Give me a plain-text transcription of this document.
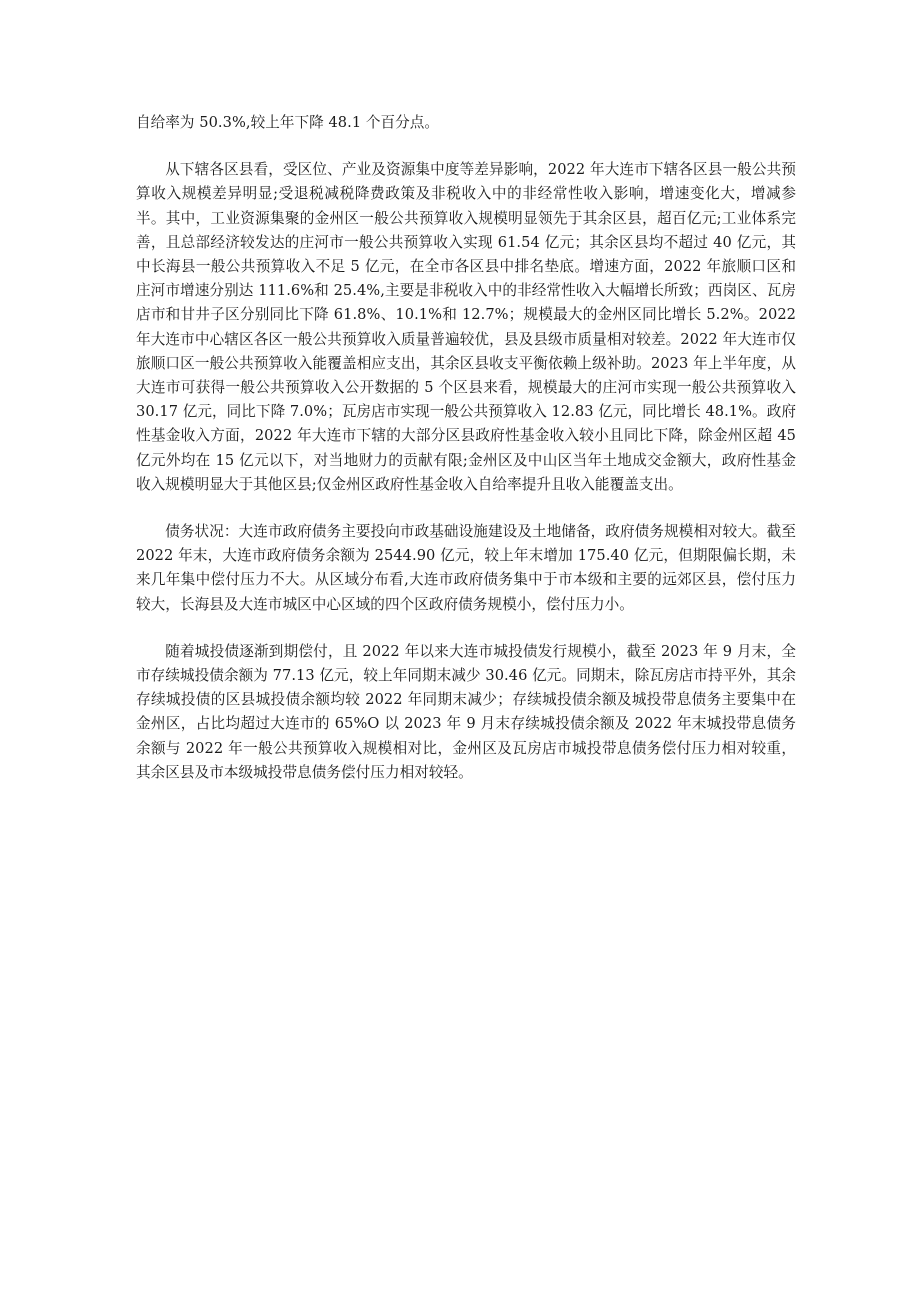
自给率为 50.3%,较上年下降 48.1 个百分点。

从下辖各区县看，受区位、产业及资源集中度等差异影响，2022 年大连市下辖各区县一般公共预算收入规模差异明显;受退税减税降费政策及非税收入中的非经常性收入影响，增速变化大，增减参半。其中，工业资源集聚的金州区一般公共预算收入规模明显领先于其余区县，超百亿元;工业体系完善，且总部经济较发达的庄河市一般公共预算收入实现 61.54 亿元；其余区县均不超过 40 亿元，其中长海县一般公共预算收入不足 5 亿元，在全市各区县中排名垫底。增速方面，2022 年旅顺口区和庄河市增速分别达 111.6%和 25.4%,主要是非税收入中的非经常性收入大幅增长所致；西岗区、瓦房店市和甘井子区分别同比下降 61.8%、10.1%和 12.7%；规模最大的金州区同比增长 5.2%。2022 年大连市中心辖区各区一般公共预算收入质量普遍较优，县及县级市质量相对较差。2022 年大连市仅旅顺口区一般公共预算收入能覆盖相应支出，其余区县收支平衡依赖上级补助。2023 年上半年度，从大连市可获得一般公共预算收入公开数据的 5 个区县来看，规模最大的庄河市实现一般公共预算收入 30.17 亿元，同比下降 7.0%；瓦房店市实现一般公共预算收入 12.83 亿元，同比增长 48.1%。政府性基金收入方面，2022 年大连市下辖的大部分区县政府性基金收入较小且同比下降，除金州区超 45 亿元外均在 15 亿元以下，对当地财力的贡献有限;金州区及中山区当年土地成交金额大，政府性基金收入规模明显大于其他区县;仅金州区政府性基金收入自给率提升且收入能覆盖支出。

债务状况：大连市政府债务主要投向市政基础设施建设及土地储备，政府债务规模相对较大。截至 2022 年末，大连市政府债务余额为 2544.90 亿元，较上年末增加 175.40 亿元，但期限偏长期，未来几年集中偿付压力不大。从区域分布看,大连市政府债务集中于市本级和主要的远郊区县，偿付压力较大，长海县及大连市城区中心区域的四个区政府债务规模小，偿付压力小。

随着城投债逐渐到期偿付，且 2022 年以来大连市城投债发行规模小，截至 2023 年 9 月末，全市存续城投债余额为 77.13 亿元，较上年同期末减少 30.46 亿元。同期末，除瓦房店市持平外，其余存续城投债的区县城投债余额均较 2022 年同期末减少；存续城投债余额及城投带息债务主要集中在金州区，占比均超过大连市的 65%O 以 2023 年 9 月末存续城投债余额及 2022 年末城投带息债务余额与 2022 年一般公共预算收入规模相对比，金州区及瓦房店市城投带息债务偿付压力相对较重，其余区县及市本级城投带息债务偿付压力相对较轻。
